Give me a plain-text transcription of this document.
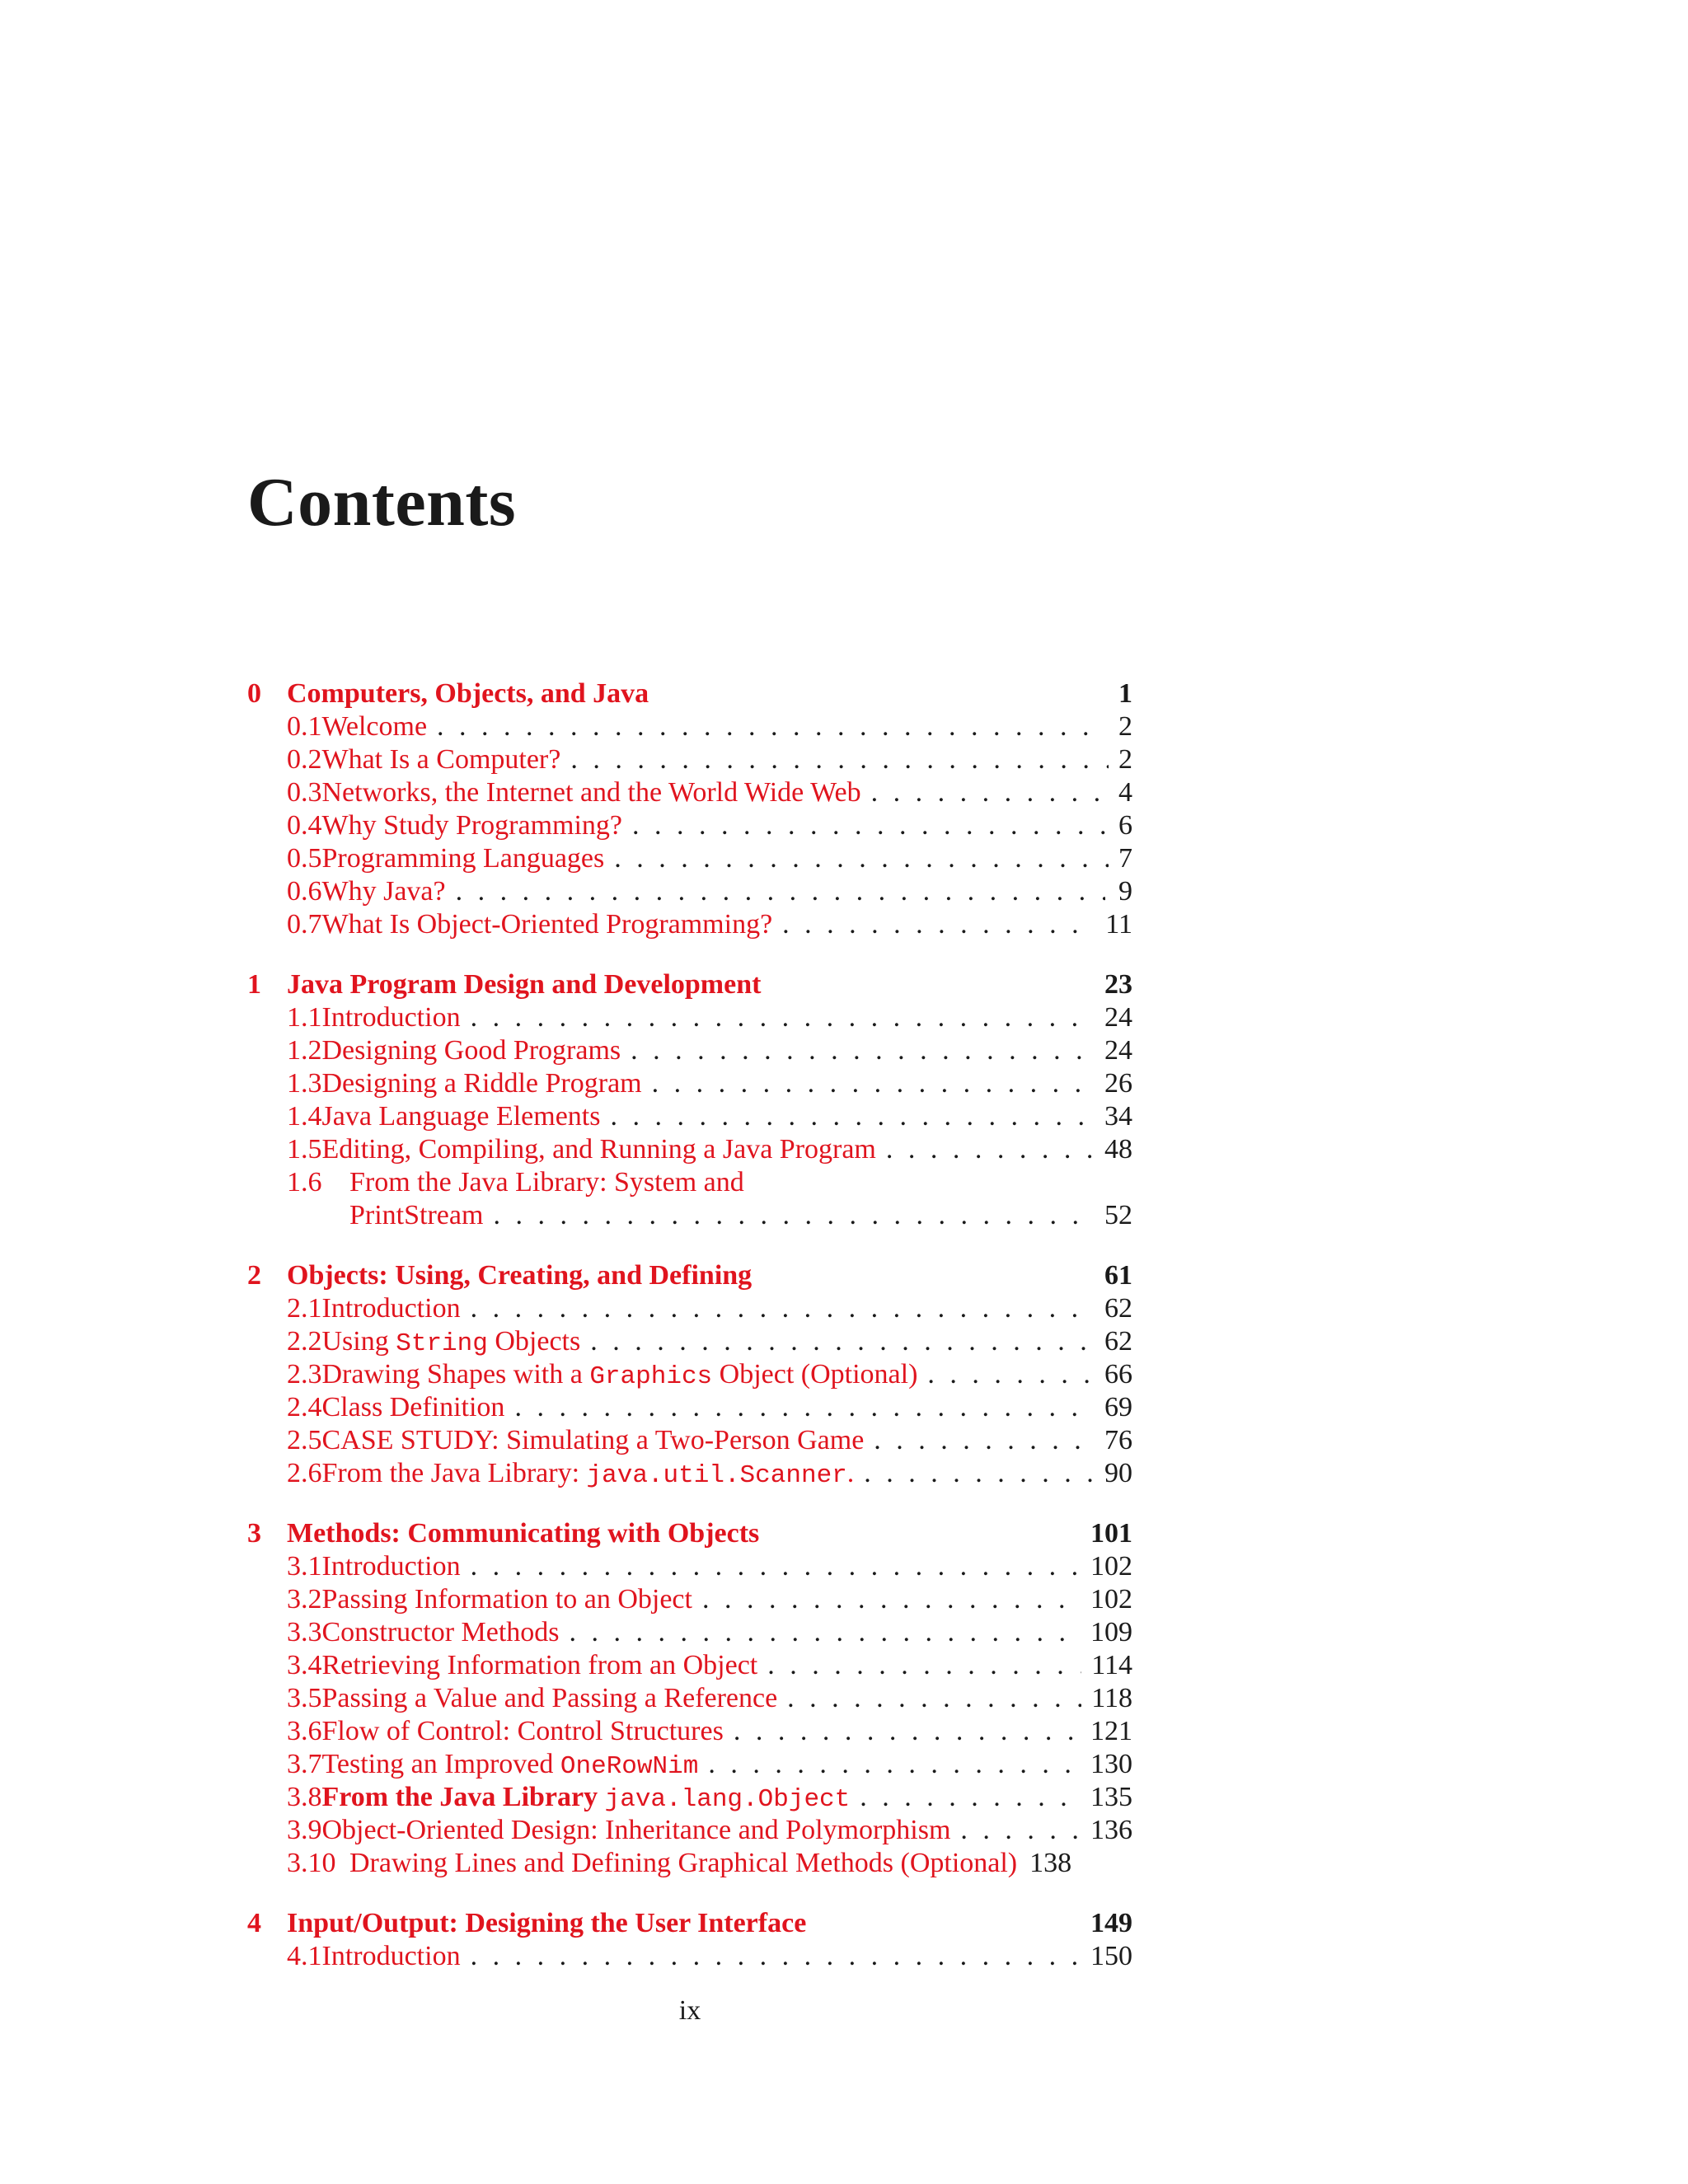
Contents
0 Computers, Objects, and Java	1
0.1 Welcome . . .	2
0.2 What Is a Computer? . . .	2
0.3 Networks, the Internet and the World Wide Web . . .	4
0.4 Why Study Programming? . . .	6
0.5 Programming Languages . . .	7
0.6 Why Java? . . .	9
0.7 What Is Object-Oriented Programming? . . .	11
1 Java Program Design and Development	23
1.1 Introduction . . .	24
1.2 Designing Good Programs . . .	24
1.3 Designing a Riddle Program . . .	26
1.4 Java Language Elements . . .	34
1.5 Editing, Compiling, and Running a Java Program . . .	48
1.6 From the Java Library: System and
PrintStream . . .	52
2 Objects: Using, Creating, and Defining	61
2.1 Introduction . . .	62
2.2 Using String Objects . . .	62
2.3 Drawing Shapes with a Graphics Object (Optional) . . .	66
2.4 Class Definition . . .	69
2.5 CASE STUDY: Simulating a Two-Person Game . . .	76
2.6 From the Java Library: java.util.Scanner. . . .	90
3 Methods: Communicating with Objects	101
3.1 Introduction . . .	102
3.2 Passing Information to an Object . . .	102
3.3 Constructor Methods . . .	109
3.4 Retrieving Information from an Object . . .	114
3.5 Passing a Value and Passing a Reference . . .	118
3.6 Flow of Control: Control Structures . . .	121
3.7 Testing an Improved OneRowNim . . .	130
3.8 From the Java Library java.lang.Object . . .	135
3.9 Object-Oriented Design: Inheritance and Polymorphism . . .	136
3.10 Drawing Lines and Defining Graphical Methods (Optional) 138
4 Input/Output: Designing the User Interface	149
4.1 Introduction . . .	150
ix
